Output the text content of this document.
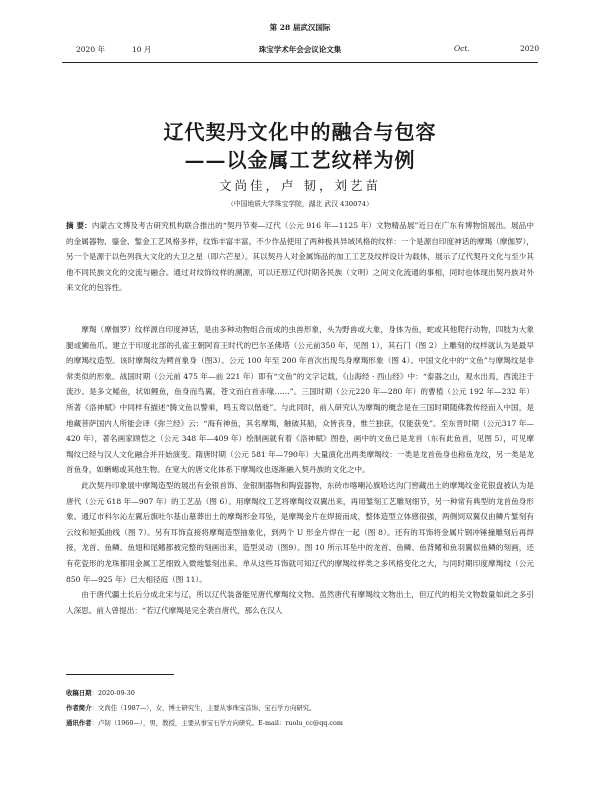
第 28 届武汉国际
珠宝学术年会会议论文集
2020 年	10 月	Oct.	2020
辽代契丹文化中的融合与包容
——以金属工艺纹样为例
文尚佳，卢 韧，刘艺苗
（中国地质大学珠宝学院，湖北 武汉 430074）

摘 要：内蒙古文博及考古研究机构联合推出的“契丹节奏—辽代（公元 916 年—1125 年）文物精品展”近日在广东有博物馆展出。展品中的金属器物、鎏金、錾金工艺风格多样，纹饰丰富丰富。不少作品使用了两种极具异域风格的纹样：一个是源自印度神话的摩羯（摩伽罗），另一个是源于以色列我大文化的大卫之星（即六芒星）。其以契丹人对金属饰品的加工工艺及纹样设计为载体，展示了辽代契丹文化与至少其他不同民族文化的交流与融合。通过对纹饰纹样的溯源，可以还原辽代时期各民族（文明）之间文化流通的事相，同时也体现出契丹族对外来文化的包容性。

摩羯（摩伽罗）纹样源自印度神话，是由多种动物组合而成的虫兽形象，头为野兽或大象，身体为鱼，蛇或其他爬行动物，四肢为大象腿或狮鱼爪。建立于印度北部的孔雀王朝阿育王时代的巴尔圣佛塔（公元前350 年，见图 1），其石门（图 2）上雕刻的纹样就认为是最早的摩羯纹造型。该时摩羯纹为鳄首象身（图3）。公元 100 年至 200 年首次出现鸟身摩羯形象（图 4）。中国文化中的“文鱼”与摩羯纹是非常类似的形象。战国时期（公元前 475 年—前 221 年）即有“文鱼”的文字记载，《山海经 · 西山经》中：“泰器之山，观水出焉，西流注于流沙。是多文鳐鱼，状如鲤鱼，鱼身而鸟翼，苍文而白首赤喙……”。三国时期（公元220 年—280 年）的曹植（公元 192 年—232 年）所著《洛神赋》中同样有描述“腾文鱼以警乘，鸣玉鸾以偕逝”。与此同时，前人研究认为摩羯的概念是在三国时期随佛教传经而入中国，是地藏菩萨国内人所能会译《弥兰经》云：“海有神鱼，其名摩羯，触破其船，众皆丧身，惟兰独获，仅能获免”。至东晋时期（公元317 年—420 年），著名画家顾恺之（公元 348 年—409 年）绘制画就有着《洛神赋》图卷，画中的文鱼已是龙首（东有此鱼首，见图 5），可见摩羯纹已经与汉人文化融合并开始演变。隋唐时期（公元 581 年—790年）大量演化出两类摩羯纹：一类是龙首鱼身也称鱼龙纹，另一类是龙首鱼身，如蜥蜴或其他生物。在宽大的唐文化体系下摩羯纹也逐渐融入契丹族的文化之中。

此次契丹印象展中摩羯造型的展出有金银首饰、金银制器物和陶瓷器物，东砖市喀喇沁旗哈达沟门窖藏出土的摩羯纹金花银盘被认为是唐代（公元 618 年—907 年）的工艺品（图 6）。用摩羯纹工艺将摩羯纹双翼出来，再用錾刻工艺雕刻细节，另一种常有典型的龙首鱼身形象。通辽市科尔沁左翼后旗吐尔基山墓葬出土的摩羯形金耳坠，是摩羯金片在焊接而成，整体造型立体感很强，两侧饲双翼仅由鳞片錾刻有云纹和短弧曲线（图 7）。另有耳饰直接将摩羯造型抽象化，到两个 U 形金片焊在一起（图 8）。还有的耳饰将金属片钢冲锤撞雕刻后再焊接，龙首、鱼鳞、鱼翅和尾鳍都被完整的刻画出来，造型灵动（图9）。图 10 所示耳坠中的龙首、鱼鳞、鱼背鳍和鱼羽翼似鱼鳞的刻画，还有花瓷形的龙珠都用金属工艺细致入微地錾刻出来。单从这些耳饰就可知辽代的摩羯纹样类之多风格变化之大，与同时期印度摩羯纹（公元 850 年—925 年）已大相径庭（图 11）。

由于唐代疆土长后分成北宋与辽，所以辽代装备能见唐代摩羯纹文物。虽然唐代有摩羯纹文物出土，但辽代的相关文物数量如此之多引人深思。前人曾提出：“若辽代摩羯是完全袭自唐代，那么在汉人

收稿日期：2020-09-30
作者简介：文尚佳（1987—），女，博士研究生，主要从事珠宝首饰、宝石学方向研究。
通讯作者：卢韧（1960—），男，教授，主要从事宝石学方向研究。E-mail：ruolu_cc@qq.com
